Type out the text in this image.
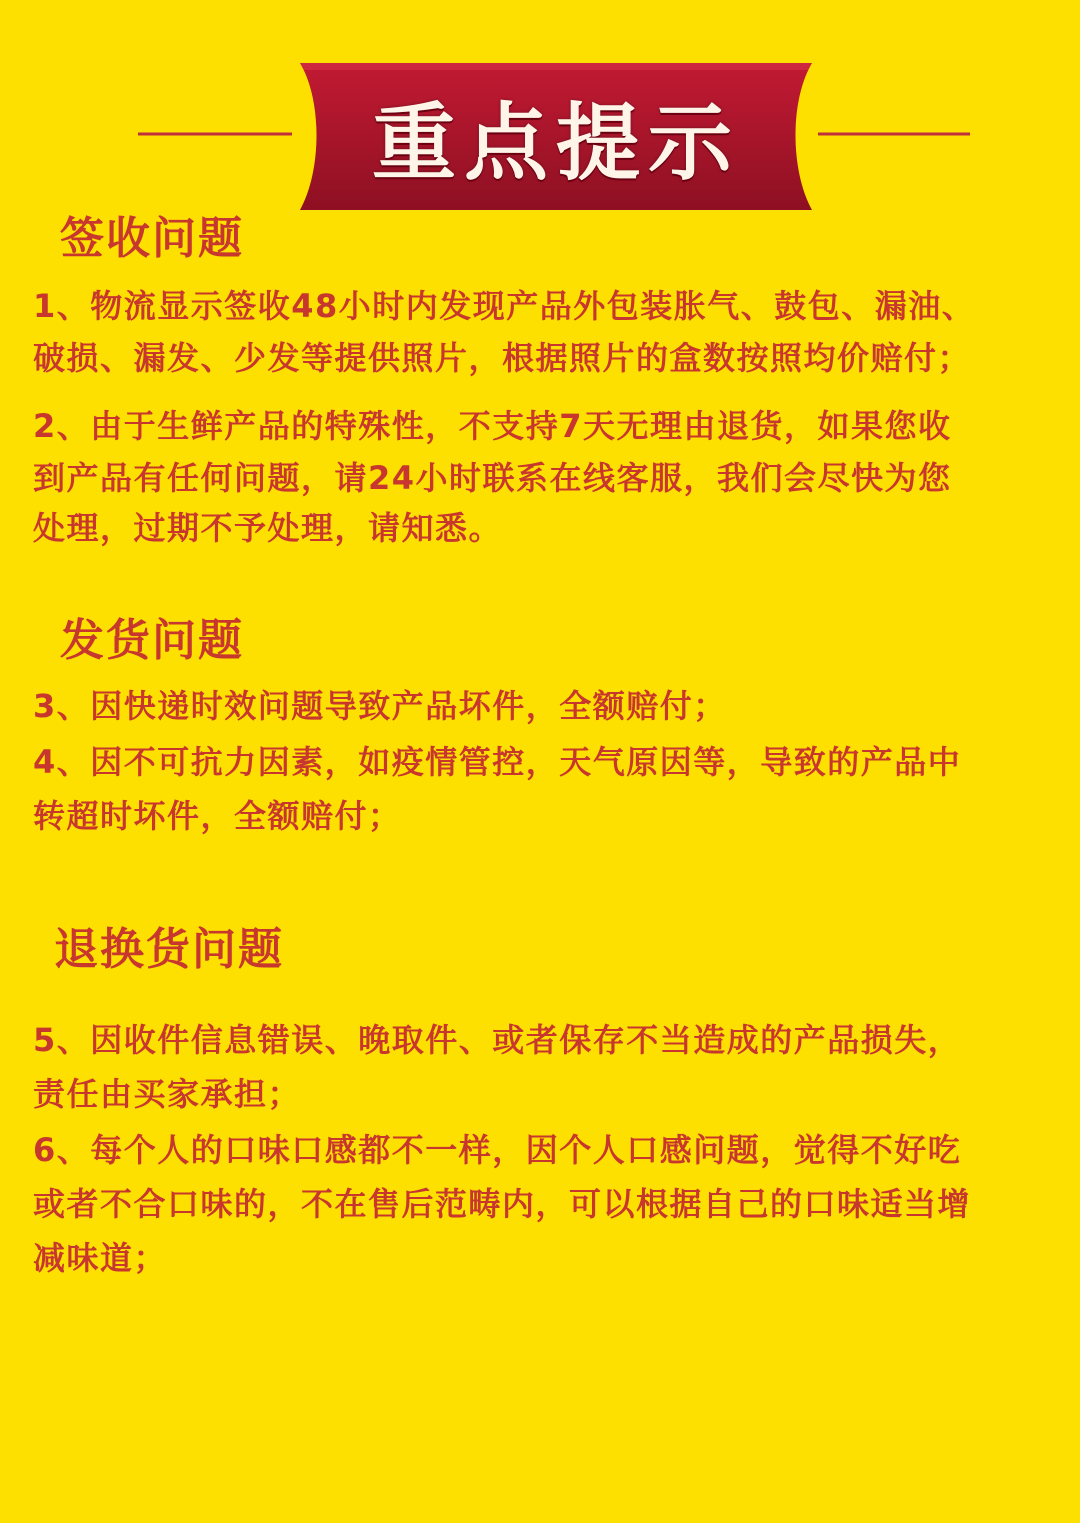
重点提示
签收问题

1、物流显示签收48小时内发现产品外包装胀气、鼓包、漏油、

破损、漏发、少发等提供照片，根据照片的盒数按照均价赔付；

2、由于生鲜产品的特殊性，不支持7天无理由退货，如果您收

到产品有任何问题，请24小时联系在线客服，我们会尽快为您

处理，过期不予处理，请知悉。

发货问题

3、因快递时效问题导致产品坏件，全额赔付；

4、因不可抗力因素，如疫情管控，天气原因等，导致的产品中

转超时坏件，全额赔付；

退换货问题

5、因收件信息错误、晚取件、或者保存不当造成的产品损失，

责任由买家承担；

6、每个人的口味口感都不一样，因个人口感问题，觉得不好吃

或者不合口味的，不在售后范畴内，可以根据自己的口味适当增

减味道；
